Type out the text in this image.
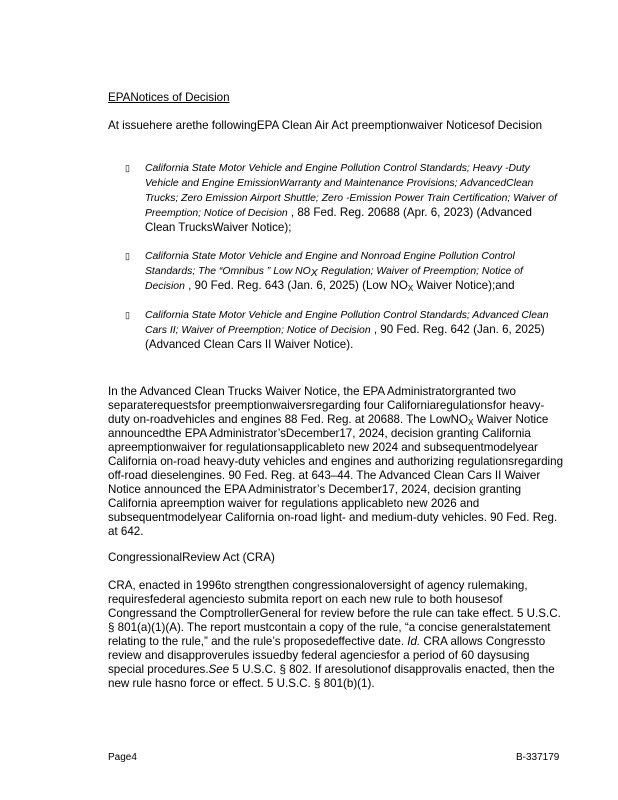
EPANotices of Decision
At issuehere arethe followingEPA Clean Air Act preemptionwaiver Noticesof Decision
▯ California State Motor Vehicle and Engine Pollution Control Standards; Heavy -Duty Vehicle and Engine EmissionWarranty and Maintenance Provisions; AdvancedClean Trucks; Zero Emission Airport Shuttle; Zero -Emission Power Train Certification; Waiver of Preemption; Notice of Decision , 88 Fed. Reg. 20688 (Apr. 6, 2023) (Advanced Clean TrucksWaiver Notice);
▯ California State Motor Vehicle and Engine and Nonroad Engine Pollution Control Standards; The “Omnibus ” Low $NO_X$ Regulation; Waiver of Preemption; Notice of Decision , 90 Fed. Reg. 643 (Jan. 6, 2025) (Low $NO_X$ Waiver Notice);and
▯ California State Motor Vehicle and Engine Pollution Control Standards; Advanced Clean Cars II; Waiver of Preemption; Notice of Decision , 90 Fed. Reg. 642 (Jan. 6, 2025) (Advanced Clean Cars II Waiver Notice).
In the Advanced Clean Trucks Waiver Notice, the EPA Administratorgranted two separaterequestsfor preemptionwaiversregarding four Californiaregulationsfor heavy-duty on-roadvehicles and engines 88 Fed. Reg. at 20688. The LowNO$_X$ Waiver Notice announcedthe EPA Administrator’sDecember17, 2024, decision granting California apreemptionwaiver for regulationsapplicableto new 2024 and subsequentmodelyear California on-road heavy-duty vehicles and engines and authorizing regulationsregarding off-road dieselengines. 90 Fed. Reg. at 643–44. The Advanced Clean Cars II Waiver Notice announced the EPA Administrator’s December17, 2024, decision granting California apreemption waiver for regulations applicableto new 2026 and subsequentmodelyear California on-road light- and medium-duty vehicles. 90 Fed. Reg. at 642.
CongressionalReview Act (CRA)
CRA, enacted in 1996to strengthen congressionaloversight of agency rulemaking, requiresfederal agenciesto submita report on each new rule to both housesof Congressand the ComptrollerGeneral for review before the rule can take effect. 5 U.S.C. § 801(a)(1)(A). The report mustcontain a copy of the rule, “a concise generalstatement relating to the rule,” and the rule’s proposedeffective date. Id. CRA allows Congressto review and disapproverules issuedby federal agenciesfor a period of 60 daysusing special procedures.See 5 U.S.C. § 802. If aresolutionof disapprovalis enacted, then the new rule hasno force or effect. 5 U.S.C. § 801(b)(1).
Page4	B-337179
